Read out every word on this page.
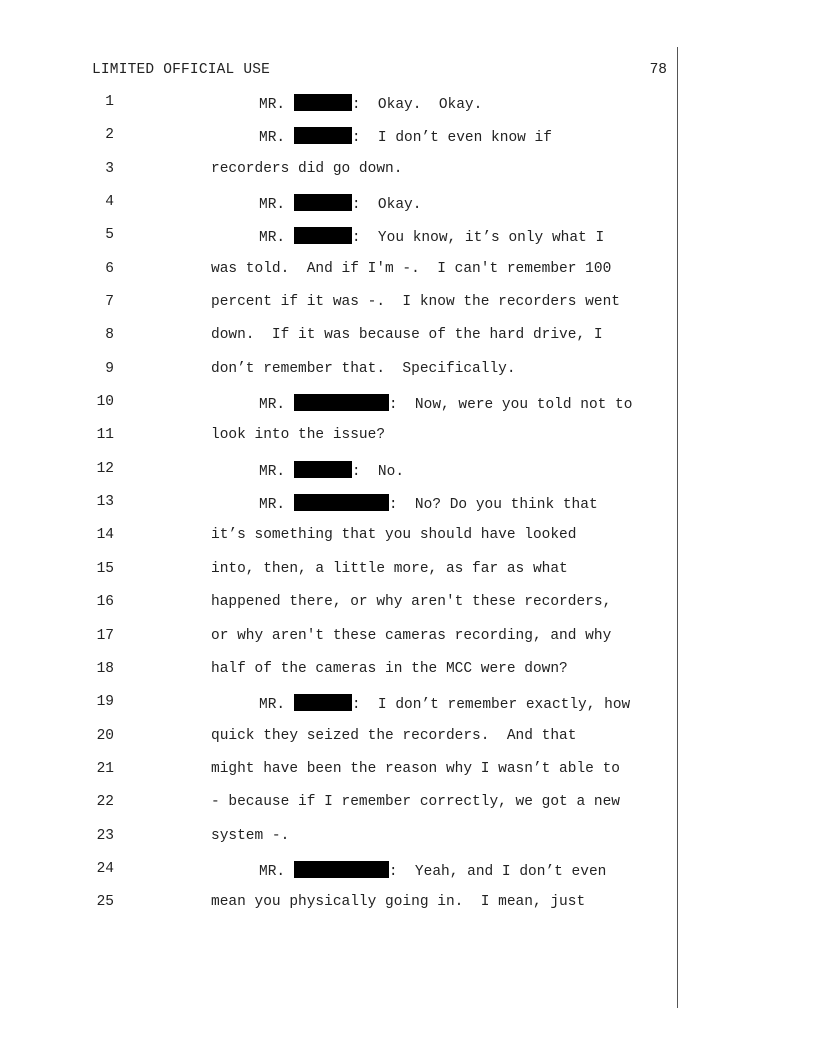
LIMITED OFFICIAL USE	78

1

	MR.	:  Okay.  Okay.

2

	MR.	:  I don’t even know if

3

	recorders did go down.

4

	MR.	:  Okay.

5

	MR.	:  You know, it’s only what I

6

	was told.  And if I'm -.  I can't remember 100

7

	percent if it was -.  I know the recorders went

8

	down.  If it was because of the hard drive, I

9

	don’t remember that.  Specifically.

10

	MR.	:  Now, were you told not to

11

	look into the issue?

12

	MR.	:  No.

13

	MR.	:  No? Do you think that

14

	it’s something that you should have looked

15

	into, then, a little more, as far as what

16

	happened there, or why aren't these recorders,

17

	or why aren't these cameras recording, and why

18

	half of the cameras in the MCC were down?

19

	MR.	:  I don’t remember exactly, how

20

	quick they seized the recorders.  And that

21

	might have been the reason why I wasn’t able to

22

	- because if I remember correctly, we got a new

23

	system -.

24

	MR.	:  Yeah, and I don’t even

25

	mean you physically going in.  I mean, just
